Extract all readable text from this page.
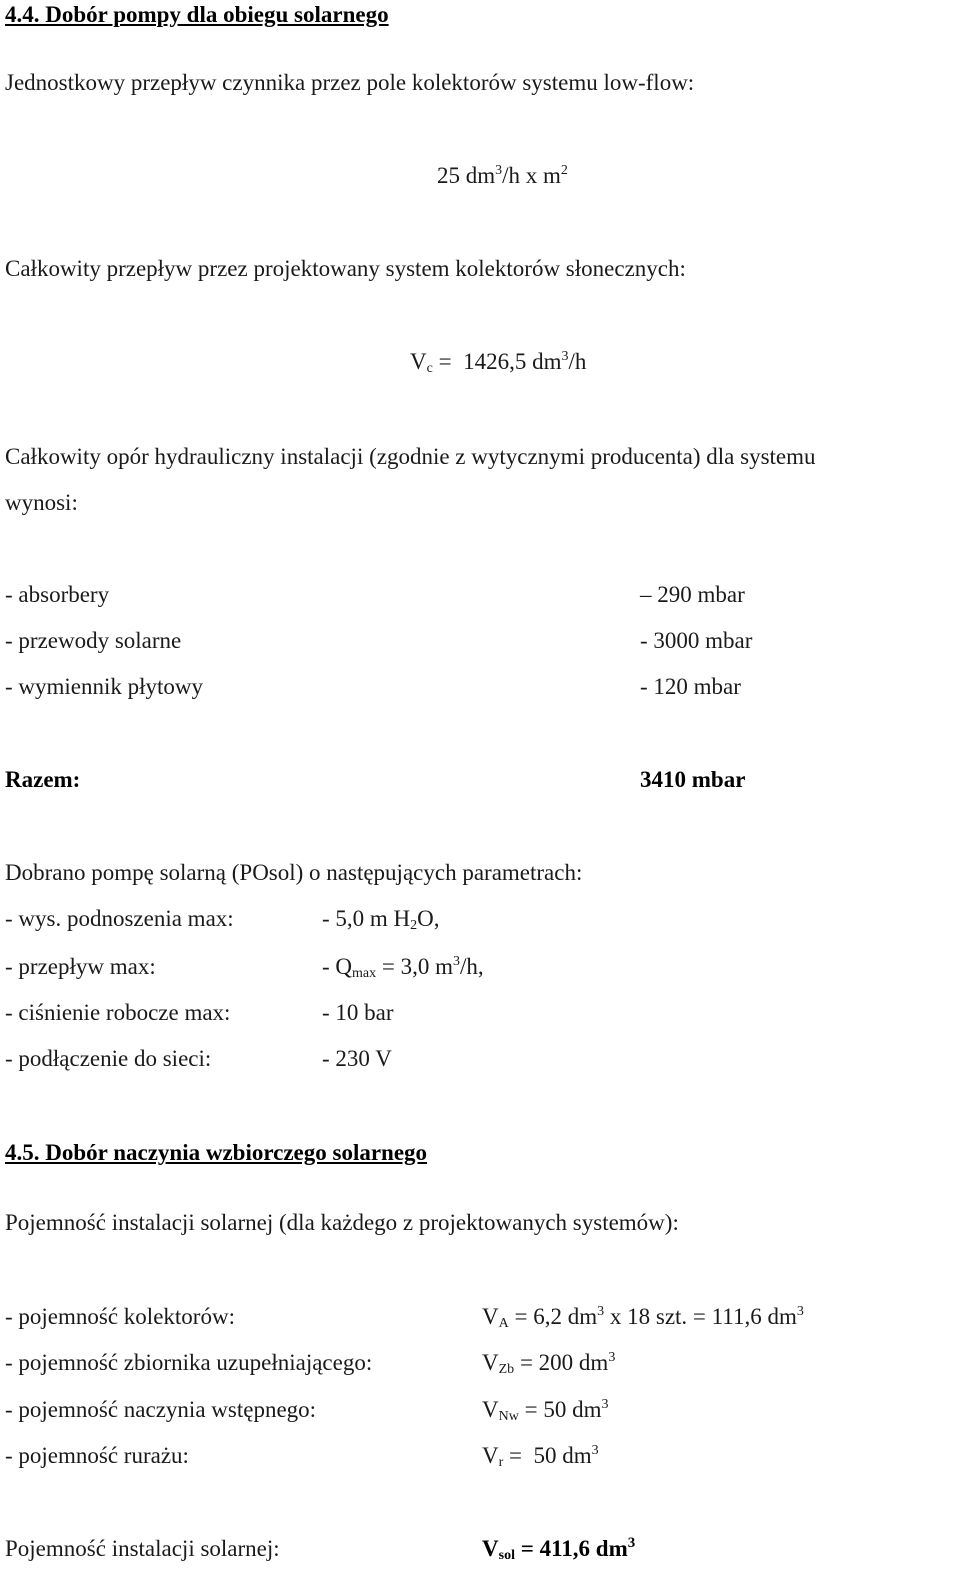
4.4. Dobór pompy dla obiegu solarnego
Jednostkowy przepływ czynnika przez pole kolektorów systemu low-flow:
25 $dm^3/h$ x $m^2$
Całkowity przepływ przez projektowany system kolektorów słonecznych:
$V_c = 1426,5$ $dm^3/h$
Całkowity opór hydrauliczny instalacji (zgodnie z wytycznymi producenta) dla systemu
wynosi:
- absorbery	– 290 mbar
- przewody solarne	- 3000 mbar
- wymiennik płytowy	- 120 mbar
Razem:	3410 mbar
Dobrano pompę solarną (POsol) o następujących parametrach:
- wys. podnoszenia max:	- 5,0 m $H_2O$,
- przepływ max:	- $Q_{max} = 3,0$ $m^3/h$,
- ciśnienie robocze max:	- 10 bar
- podłączenie do sieci:	- 230 V
4.5. Dobór naczynia wzbiorczego solarnego
Pojemność instalacji solarnej (dla każdego z projektowanych systemów):
- pojemność kolektorów:	$V_A = 6,2$ $dm^3$ x 18 szt. = 111,6 $dm^3$
- pojemność zbiornika uzupełniającego:	$V_{Zb} = 200$ $dm^3$
- pojemność naczynia wstępnego:	$V_{Nw} = 50$ $dm^3$
- pojemność rurażu:	$V_r = 50$ $dm^3$
Pojemność instalacji solarnej:	$V_{sol} = 411,6$ $dm^3$
